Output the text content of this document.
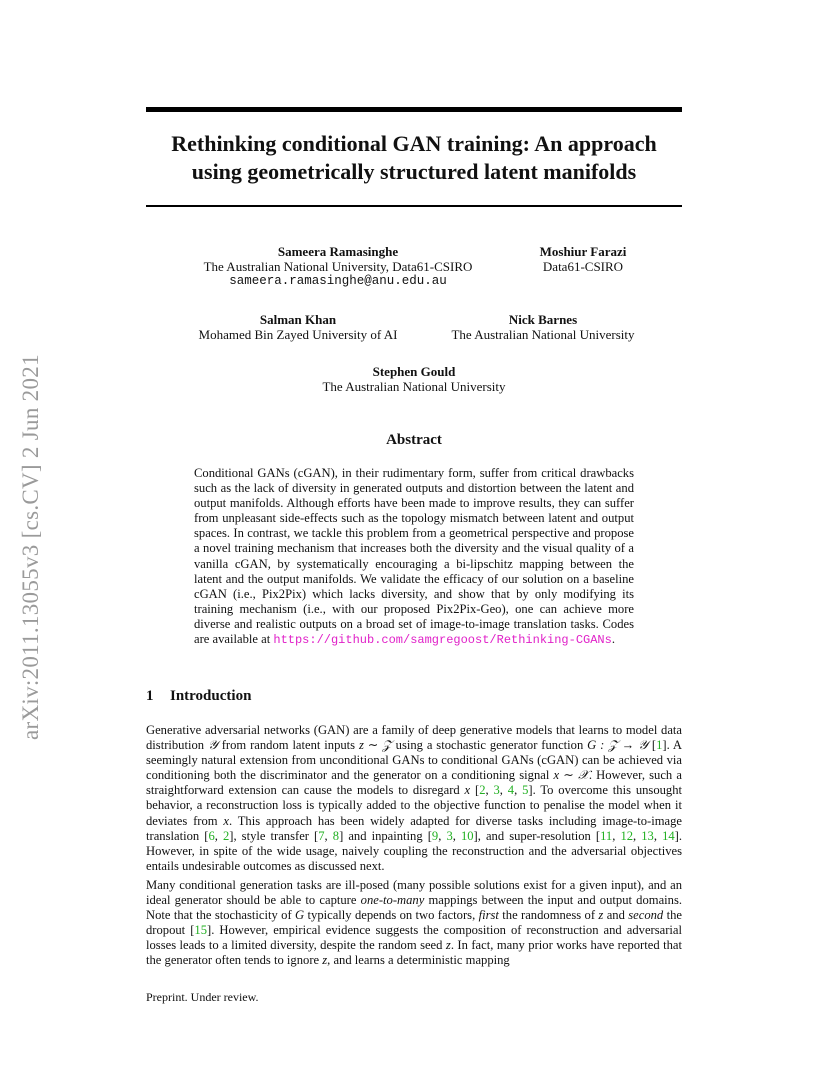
Rethinking conditional GAN training: An approach
using geometrically structured latent manifolds
arXiv:2011.13055v3 [cs.CV] 2 Jun 2021
Sameera Ramasinghe
The Australian National University, Data61-CSIRO
sameera.ramasinghe@anu.edu.au
Moshiur Farazi
Data61-CSIRO
Salman Khan
Mohamed Bin Zayed University of AI
Nick Barnes
The Australian National University
Stephen Gould
The Australian National University
Abstract
Conditional GANs (cGAN), in their rudimentary form, suffer from critical drawbacks such as the lack of diversity in generated outputs and distortion between the latent and output manifolds. Although efforts have been made to improve results, they can suffer from unpleasant side-effects such as the topology mismatch between latent and output spaces. In contrast, we tackle this problem from a geometrical perspective and propose a novel training mechanism that increases both the diversity and the visual quality of a vanilla cGAN, by systematically encouraging a bi-lipschitz mapping between the latent and the output manifolds. We validate the efficacy of our solution on a baseline cGAN (i.e., Pix2Pix) which lacks diversity, and show that by only modifying its training mechanism (i.e., with our proposed Pix2Pix-Geo), one can achieve more diverse and realistic outputs on a broad set of image-to-image translation tasks. Codes are available at https://github.com/samgregoost/Rethinking-CGANs.
1 Introduction
Generative adversarial networks (GAN) are a family of deep generative models that learns to model data distribution 𝒴 from random latent inputs z ∼ 𝒵 using a stochastic generator function G : 𝒵 → 𝒴 [1]. A seemingly natural extension from unconditional GANs to conditional GANs (cGAN) can be achieved via conditioning both the discriminator and the generator on a conditioning signal x ∼ 𝒳. However, such a straightforward extension can cause the models to disregard x [2, 3, 4, 5]. To overcome this unsought behavior, a reconstruction loss is typically added to the objective function to penalise the model when it deviates from x. This approach has been widely adapted for diverse tasks including image-to-image translation [6, 2], style transfer [7, 8] and inpainting [9, 3, 10], and super-resolution [11, 12, 13, 14]. However, in spite of the wide usage, naively coupling the reconstruction and the adversarial objectives entails undesirable outcomes as discussed next.
Many conditional generation tasks are ill-posed (many possible solutions exist for a given input), and an ideal generator should be able to capture one-to-many mappings between the input and output domains. Note that the stochasticity of G typically depends on two factors, first the randomness of z and second the dropout [15]. However, empirical evidence suggests the composition of reconstruction and adversarial losses leads to a limited diversity, despite the random seed z. In fact, many prior works have reported that the generator often tends to ignore z, and learns a deterministic mapping
Preprint. Under review.
